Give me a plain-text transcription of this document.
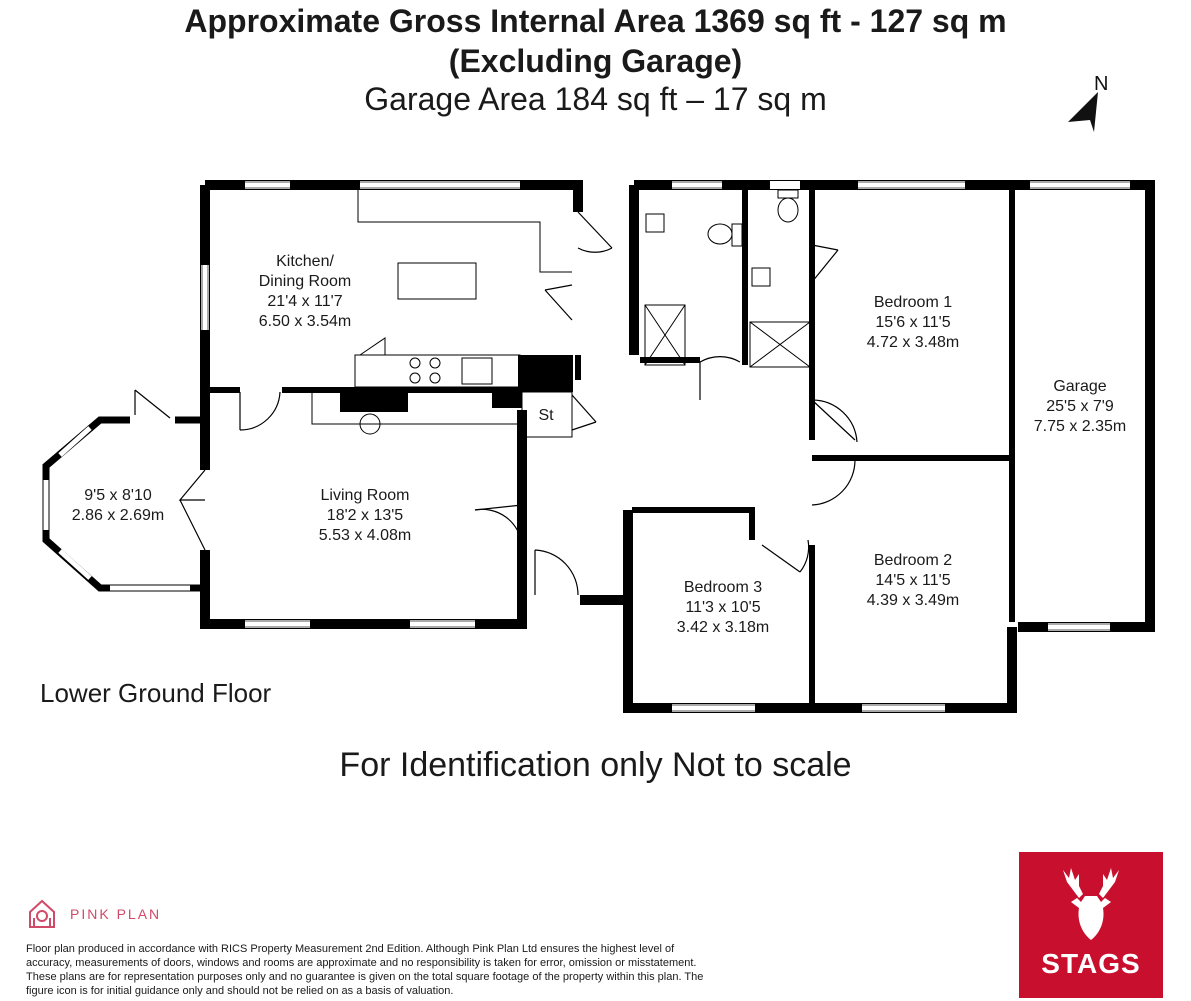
Approximate Gross Internal Area 1369 sq ft - 127 sq m
(Excluding Garage)
Garage Area 184 sq ft – 17 sq m	N
Kitchen/
Dining Room
21'4 x 11'7
6.50 x 3.54m
9'5 x 8'10
2.86 x 2.69m
Living Room
18'2 x 13'5
5.53 x 4.08m
St
Bedroom 1
15'6 x 11'5
4.72 x 3.48m
Bedroom 2
14'5 x 11'5
4.39 x 3.49m
Bedroom 3
11'3 x 10'5
3.42 x 3.18m
Garage
25'5 x 7'9
7.75 x 2.35m
Lower Ground Floor
For Identification only Not to scale
PINK PLAN
Floor plan produced in accordance with RICS Property Measurement 2nd Edition. Although Pink Plan Ltd ensures the highest level of accuracy, measurements of doors, windows and rooms are approximate and no responsibility is taken for error, omission or misstatement. These plans are for representation purposes only and no guarantee is given on the total square footage of the property within this plan. The figure icon is for initial guidance only and should not be relied on as a basis of valuation.
STAGS
